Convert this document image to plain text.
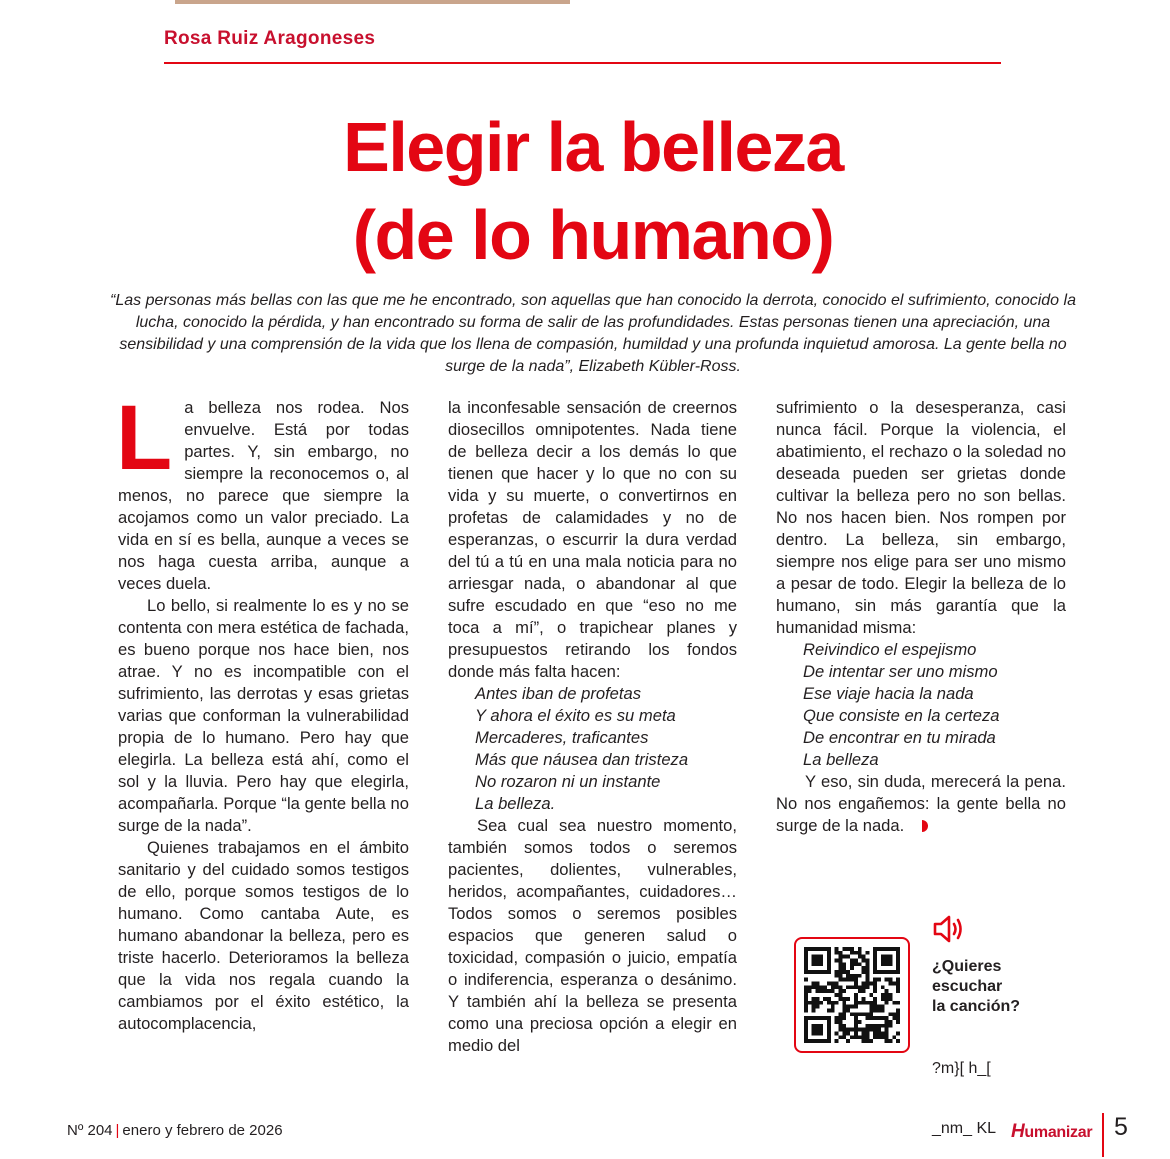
Rosa Ruiz Aragoneses
Elegir la belleza
(de lo humano)
“Las personas más bellas con las que me he encontrado, son aquellas que han conocido la derrota, conocido el sufrimiento, conocido la lucha, conocido la pérdida, y han encontrado su forma de salir de las profundidades. Estas personas tienen una apreciación, una sensibilidad y una comprensión de la vida que los llena de compasión, humildad y una profunda inquietud amorosa. La gente bella no surge de la nada”, Elizabeth Kübler-Ross.

La belleza nos rodea. Nos envuelve. Está por todas partes. Y, sin embargo, no siempre la reconocemos o, al menos, no parece que siempre la acojamos como un valor preciado. La vida en sí es bella, aunque a veces se nos haga cuesta arriba, aunque a veces duela.

Lo bello, si realmente lo es y no se contenta con mera estética de fachada, es bueno porque nos hace bien, nos atrae. Y no es incompatible con el sufrimiento, las derrotas y esas grietas varias que conforman la vulnerabilidad propia de lo humano. Pero hay que elegirla. La belleza está ahí, como el sol y la lluvia. Pero hay que elegirla, acompañarla. Porque “la gente bella no surge de la nada”.

Quienes trabajamos en el ámbito sanitario y del cuidado somos testigos de ello, porque somos testigos de lo humano. Como cantaba Aute, es humano abandonar la belleza, pero es triste hacerlo. Deterioramos la belleza que la vida nos regala cuando la cambiamos por el éxito estético, la autocomplacencia,

la inconfesable sensación de creernos diosecillos omnipotentes. Nada tiene de belleza decir a los demás lo que tienen que hacer y lo que no con su vida y su muerte, o convertirnos en profetas de calamidades y no de esperanzas, o escurrir la dura verdad del tú a tú en una mala noticia para no arriesgar nada, o abandonar al que sufre escudado en que “eso no me toca a mí”, o trapichear planes y presupuestos retirando los fondos donde más falta hacen:

Antes iban de profetas
Y ahora el éxito es su meta
Mercaderes, traficantes
Más que náusea dan tristeza
No rozaron ni un instante
La belleza.

Sea cual sea nuestro momento, también somos todos o seremos pacientes, dolientes, vulnerables, heridos, acompañantes, cuidadores… Todos somos o seremos posibles espacios que generen salud o toxicidad, compasión o juicio, empatía o indiferencia, esperanza o desánimo. Y también ahí la belleza se presenta como una preciosa opción a elegir en medio del

sufrimiento o la desesperanza, casi nunca fácil. Porque la violencia, el abatimiento, el rechazo o la soledad no deseada pueden ser grietas donde cultivar la belleza pero no son bellas. No nos hacen bien. Nos rompen por dentro. La belleza, sin embargo, siempre nos elige para ser uno mismo a pesar de todo. Elegir la belleza de lo humano, sin más garantía que la humanidad misma:

Reivindico el espejismo
De intentar ser uno mismo
Ese viaje hacia la nada
Que consiste en la certeza
De encontrar en tu mirada
La belleza

Y eso, sin duda, merecerá la pena. No nos engañemos: la gente bella no surge de la nada.

¿Quieres
escuchar
la canción?

?m}[ h_[

_nm_ KL

Nº 204 | enero y febrero de 2026	Humanizar 5
